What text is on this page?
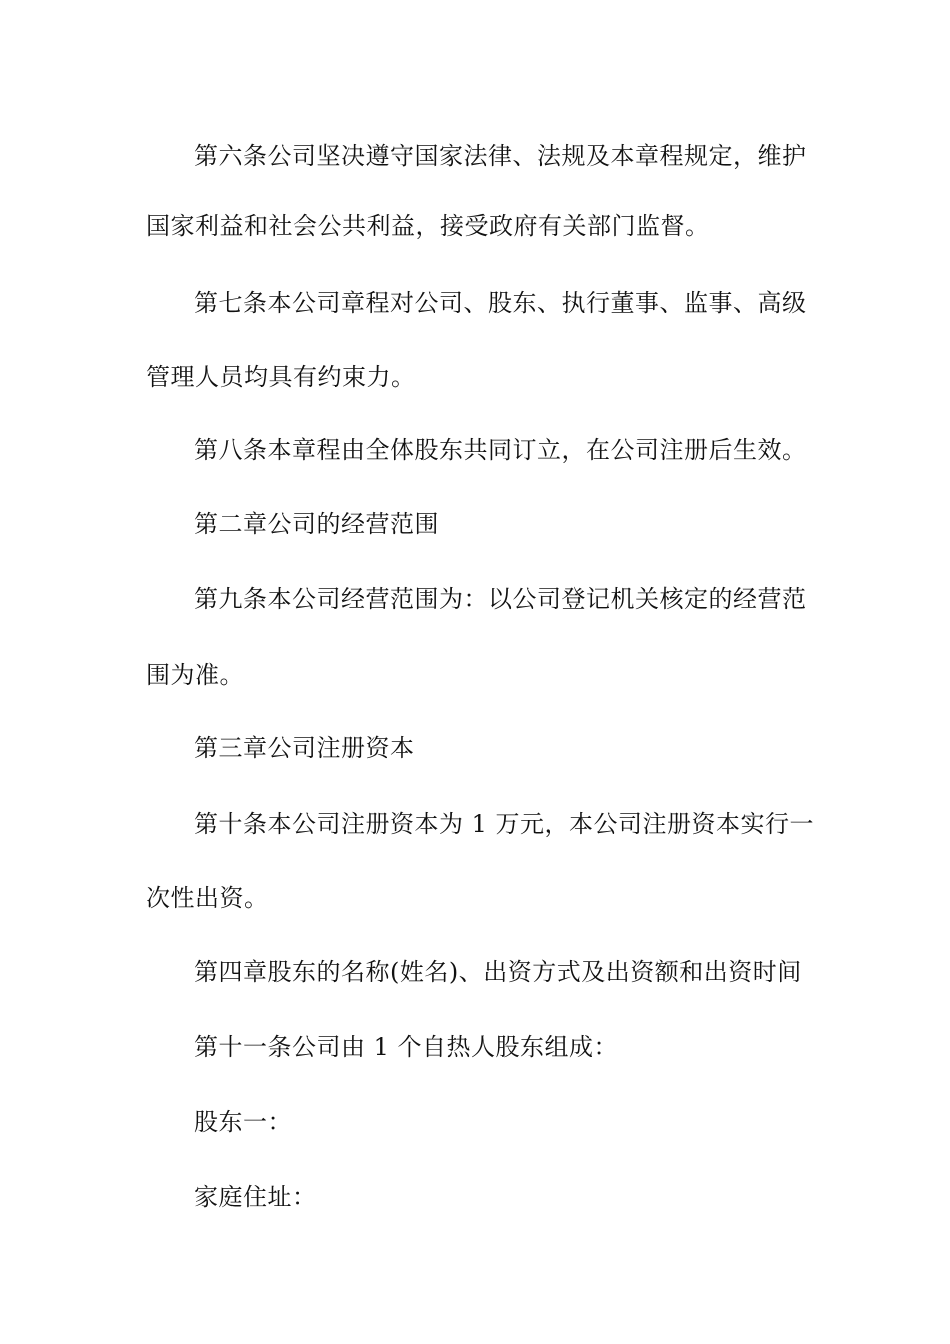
第六条公司坚决遵守国家法律、法规及本章程规定，维护
国家利益和社会公共利益，接受政府有关部门监督。
第七条本公司章程对公司、股东、执行董事、监事、高级
管理人员均具有约束力。
第八条本章程由全体股东共同订立，在公司注册后生效。
第二章公司的经营范围
第九条本公司经营范围为：以公司登记机关核定的经营范
围为准。
第三章公司注册资本
第十条本公司注册资本为 1 万元，本公司注册资本实行一
次性出资。
第四章股东的名称(姓名)、出资方式及出资额和出资时间
第十一条公司由 1 个自热人股东组成：
股东一：
家庭住址：
